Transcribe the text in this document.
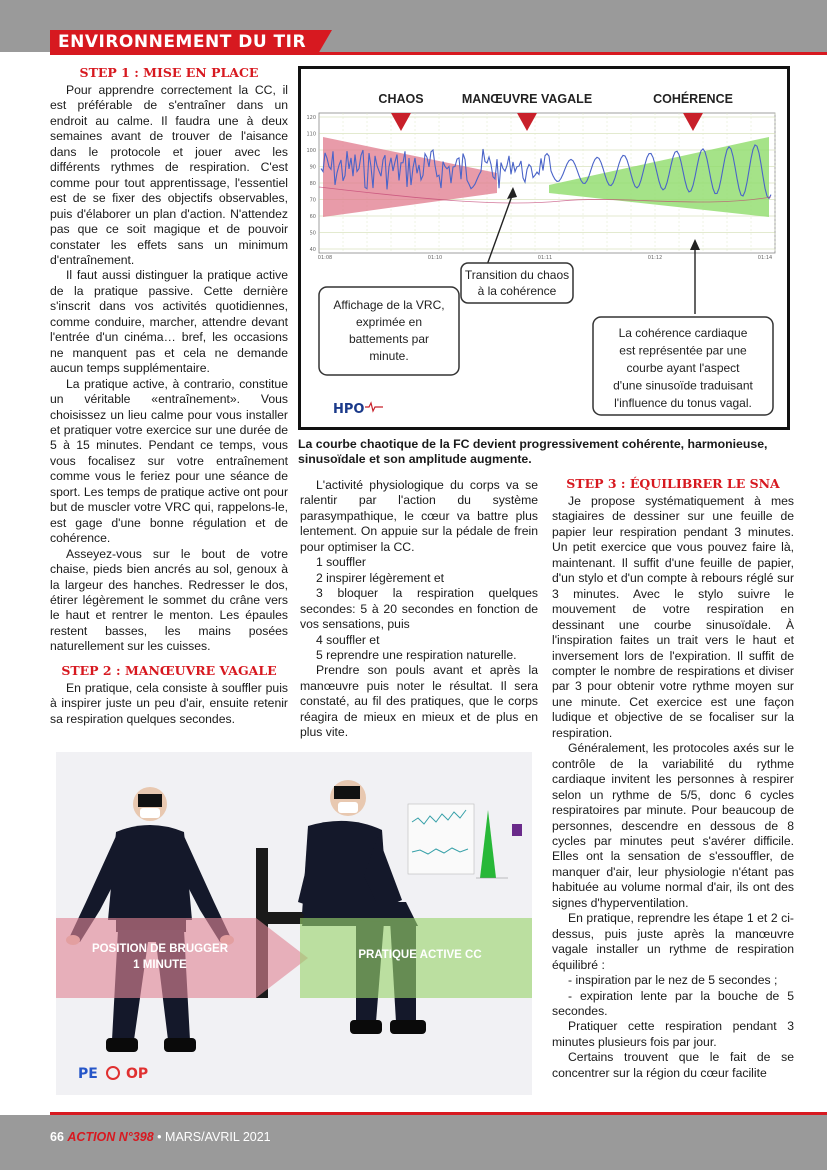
ENVIRONNEMENT DU TIR

STEP 1 : MISE EN PLACE

Pour apprendre correctement la CC, il est préférable de s'entraîner dans un endroit au calme. Il faudra une à deux semaines avant de trouver de l'aisance dans le protocole et jouer avec les différents rythmes de respiration. C'est comme pour tout apprentissage, l'essentiel est de se fixer des objectifs observables, puis d'élaborer un plan d'action. N'attendez pas que ce soit magique et de pouvoir constater les effets sans un minimum d'entraînement.

Il faut aussi distinguer la pratique active de la pratique passive. Cette dernière s'inscrit dans vos activités quotidiennes, comme conduire, marcher, attendre devant l'entrée d'un cinéma… bref, les occasions ne manquent pas et cela ne demande aucun temps supplémentaire.

La pratique active, à contrario, constitue un véritable «entraînement». Vous choisissez un lieu calme pour vous installer et pratiquer votre exercice sur une durée de 5 à 15 minutes. Pendant ce temps, vous vous focalisez sur votre entraînement comme vous le feriez pour une séance de sport. Les temps de pratique active ont pour but de muscler votre VRC qui, rappelons-le, est gage d'une bonne régulation et de cohérence.

Asseyez-vous sur le bout de votre chaise, pieds bien ancrés au sol, genoux à la largeur des hanches. Redresser le dos, étirer légèrement le sommet du crâne vers le haut et rentrer le menton. Les épaules restent basses, les mains posées naturellement sur les cuisses.

STEP 2 : MANŒUVRE VAGALE

En pratique, cela consiste à souffler puis à inspirer juste un peu d'air, ensuite retenir sa respiration quelques secondes.

120
110
100
90
80
70
60
50
40
01:08	01:10	01:11	01:12	01:14
CHAOS	MANŒUVRE VAGALE	COHÉRENCE
Affichage de la VRC,
exprimée en
battements par
minute.
Transition du chaos
à la cohérence
La cohérence cardiaque
est représentée par une
courbe ayant l'aspect
d'une sinusoïde traduisant
l'influence du tonus vagal.
HPO
La courbe chaotique de la FC devient progressivement cohérente, harmonieuse, sinusoïdale et son amplitude augmente.

L'activité physiologique du corps va se ralentir par l'action du système parasympathique, le cœur va battre plus lentement. On appuie sur la pédale de frein pour optimiser la CC.

1 souffler

2 inspirer légèrement et

3 bloquer la respiration quelques secondes: 5 à 20 secondes en fonction de vos sensations, puis

4 souffler et

5 reprendre une respiration naturelle.

Prendre son pouls avant et après la manœuvre puis noter le résultat. Il sera constaté, au fil des pratiques, que le corps réagira de mieux en mieux et de plus en plus vite.

STEP 3 : ÉQUILIBRER LE SNA

Je propose systématiquement à mes stagiaires de dessiner sur une feuille de papier leur respiration pendant 3 minutes. Un petit exercice que vous pouvez faire là, maintenant. Il suffit d'une feuille de papier, d'un stylo et d'un compte à rebours réglé sur 3 minutes. Avec le stylo suivre le mouvement de votre respiration en dessinant une courbe sinusoïdale. À l'inspiration faites un trait vers le haut et inversement lors de l'expiration. Il suffit de compter le nombre de respirations et diviser par 3 pour obtenir votre rythme moyen sur une minute. Cet exercice est une façon ludique et objective de se focaliser sur la respiration.

Généralement, les protocoles axés sur le contrôle de la variabilité du rythme cardiaque invitent les personnes à respirer selon un rythme de 5/5, donc 6 cycles respiratoires par minute. Pour beaucoup de personnes, descendre en dessous de 8 cycles par minutes peut s'avérer difficile. Elles ont la sensation de s'essouffler, de manquer d'air, leur physiologie n'étant pas habituée au volume normal d'air, ils ont des signes d'hyperventilation.

En pratique, reprendre les étape 1 et 2 ci-dessus, puis juste après la manœuvre vagale installer un rythme de respiration équilibré :

- inspiration par le nez de 5 secondes ;

- expiration lente par la bouche de 5 secondes.

Pratiquer cette respiration pendant 3 minutes plusieurs fois par jour.

Certains trouvent que le fait de se concentrer sur la région du cœur facilite

POSITION DE BRUGGER
1 MINUTE
PRATIQUE ACTIVE CC
PE OP
66 ACTION N°398 • MARS/AVRIL 2021
